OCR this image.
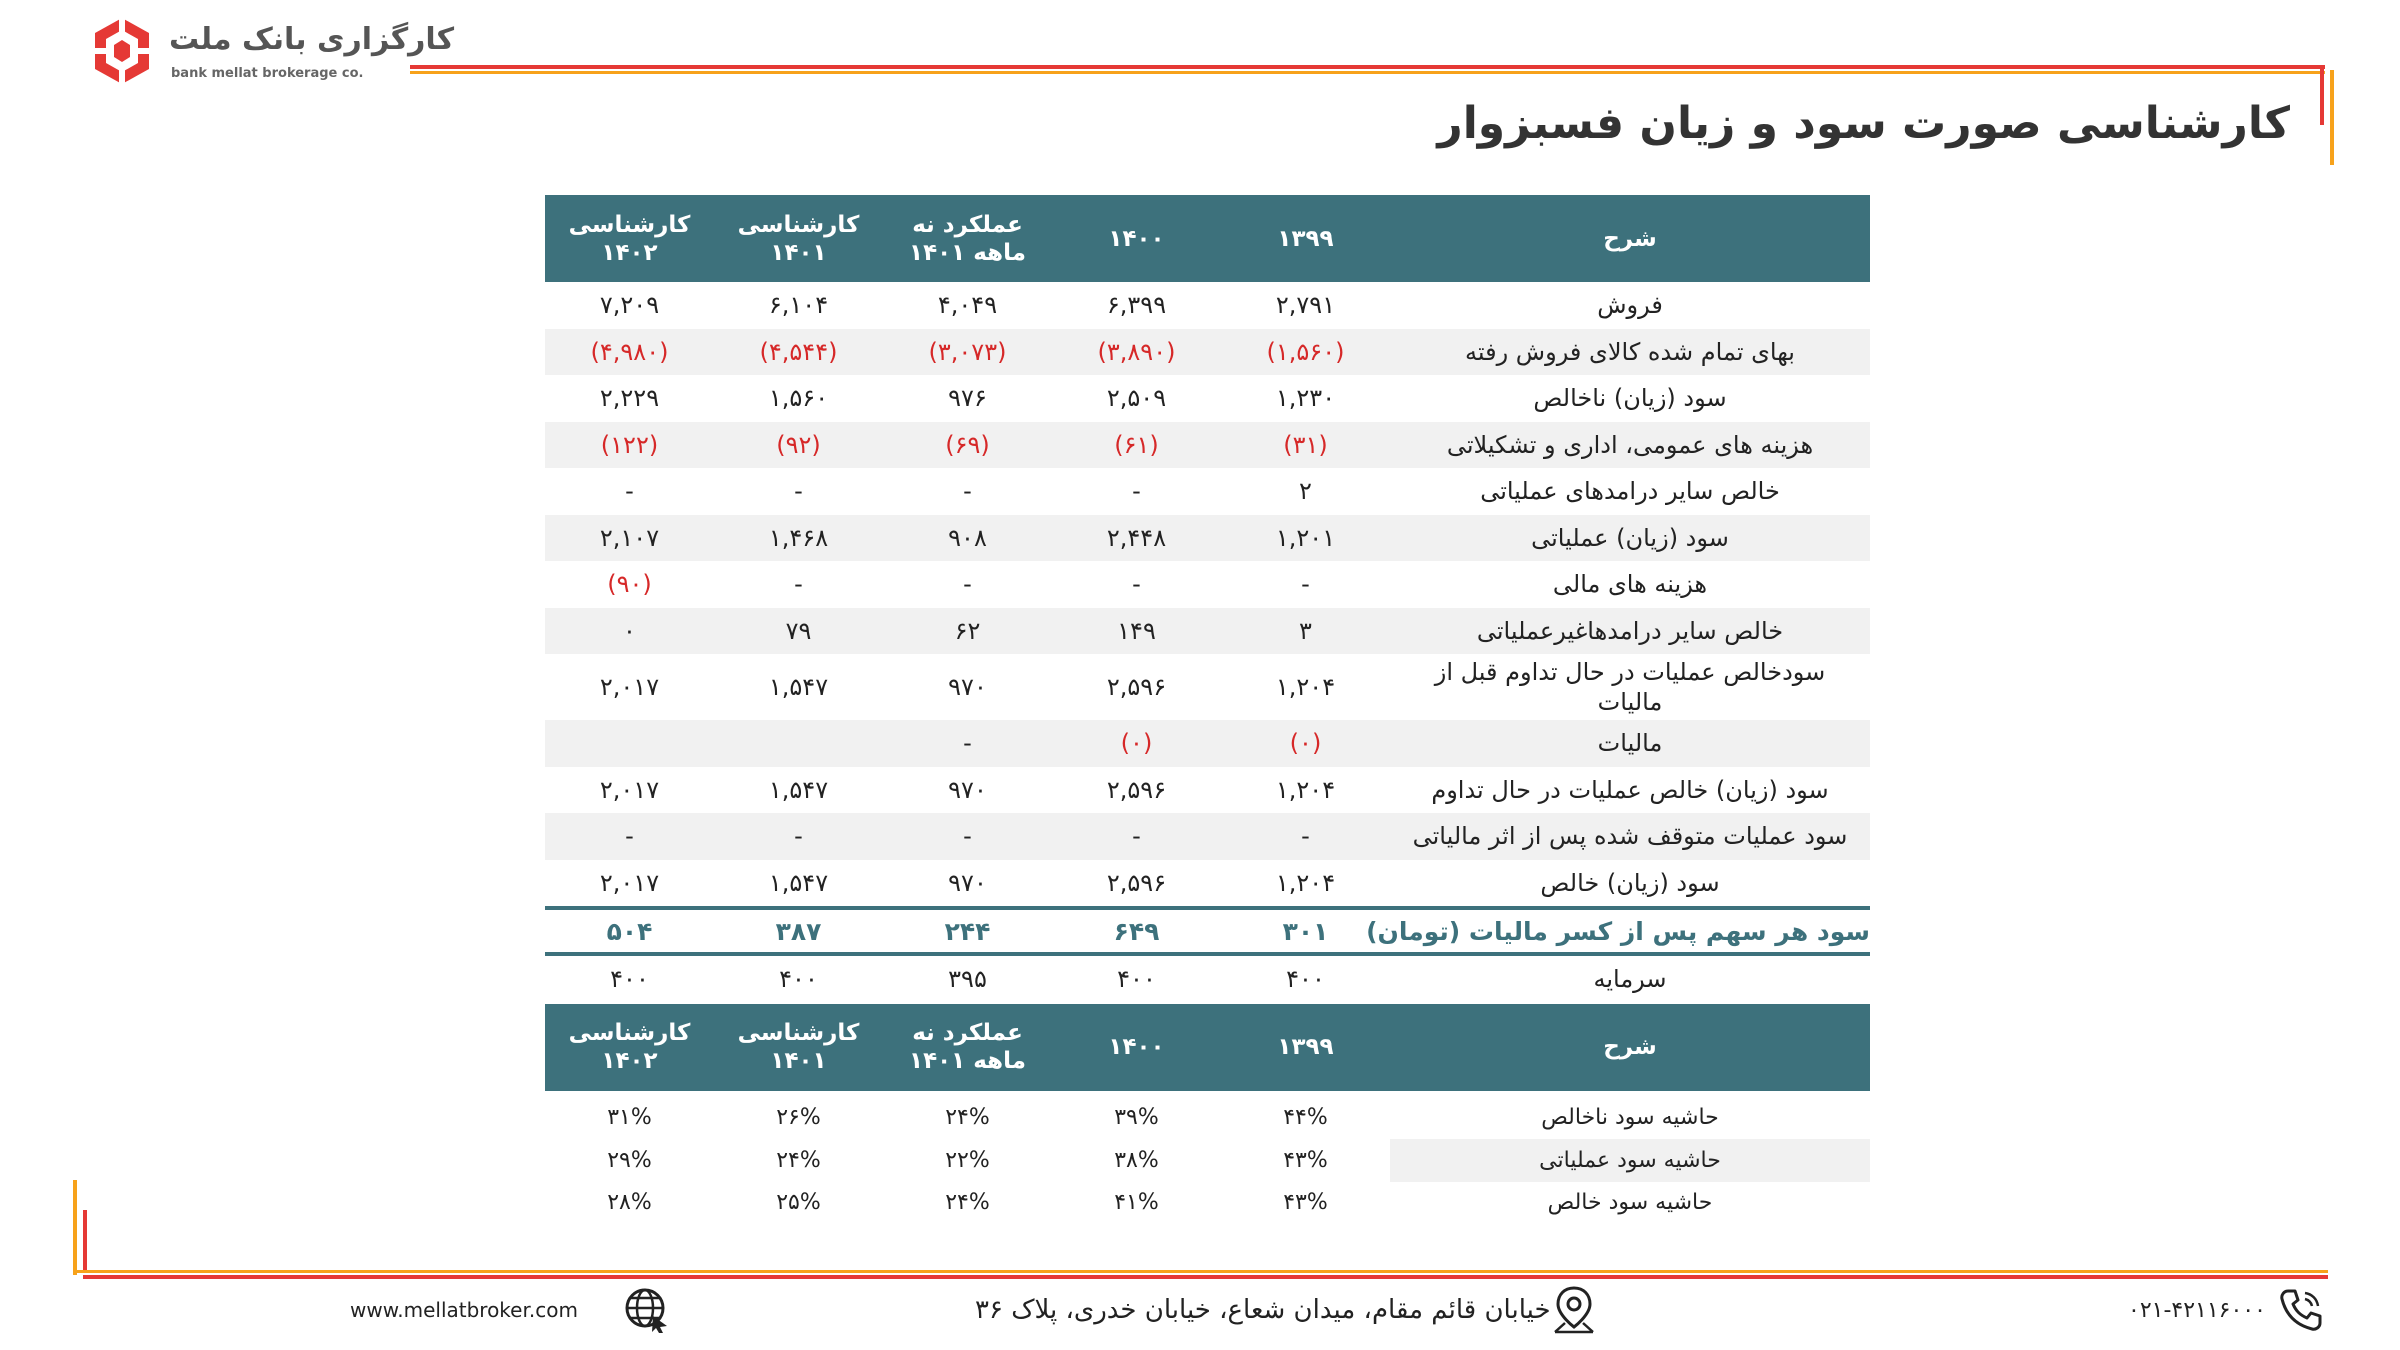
کارگزاری بانک ملت
bank mellat brokerage co.
کارشناسی صورت سود و زیان فسبزوار
شرح
۱۳۹۹
۱۴۰۰
عملکرد نه ماهه ۱۴۰۱
کارشناسی ۱۴۰۱
کارشناسی ۱۴۰۲
فروش
۲,۷۹۱
۶,۳۹۹
۴,۰۴۹
۶,۱۰۴
۷,۲۰۹
بهای تمام شده کالای فروش رفته
(۱,۵۶۰)
(۳,۸۹۰)
(۳,۰۷۳)
(۴,۵۴۴)
(۴,۹۸۰)
سود (زیان) ناخالص
۱,۲۳۰
۲,۵۰۹
۹۷۶
۱,۵۶۰
۲,۲۲۹
هزینه های عمومی، اداری و تشکیلاتی
(۳۱)
(۶۱)
(۶۹)
(۹۲)
(۱۲۲)
خالص سایر درامدهای عملیاتی
۲
-
-
-
-
سود (زیان) عملیاتی
۱,۲۰۱
۲,۴۴۸
۹۰۸
۱,۴۶۸
۲,۱۰۷
هزینه های مالی
-
-
-
-
(۹۰)
خالص سایر درامدهاغیرعملیاتی
۳
۱۴۹
۶۲
۷۹
۰
سودخالص عملیات در حال تداوم قبل از مالیات
۱,۲۰۴
۲,۵۹۶
۹۷۰
۱,۵۴۷
۲,۰۱۷
مالیات
(۰)
(۰)
-
سود (زیان) خالص عملیات در حال تداوم
۱,۲۰۴
۲,۵۹۶
۹۷۰
۱,۵۴۷
۲,۰۱۷
سود عملیات متوقف شده پس از اثر مالیاتی
-
-
-
-
-
سود (زیان) خالص
۱,۲۰۴
۲,۵۹۶
۹۷۰
۱,۵۴۷
۲,۰۱۷
سود هر سهم پس از کسر مالیات (تومان)
۳۰۱
۶۴۹
۲۴۴
۳۸۷
۵۰۴
سرمایه
۴۰۰
۴۰۰
۳۹۵
۴۰۰
۴۰۰
شرح
۱۳۹۹
۱۴۰۰
عملکرد نه ماهه ۱۴۰۱
کارشناسی ۱۴۰۱
کارشناسی ۱۴۰۲
حاشیه سود ناخالص
۴۴%
۳۹%
۲۴%
۲۶%
۳۱%
حاشیه سود عملیاتی
۴۳%
۳۸%
۲۲%
۲۴%
۲۹%
حاشیه سود خالص
۴۳%
۴۱%
۲۴%
۲۵%
۲۸%
www.mellatbroker.com	خیابان قائم مقام، میدان شعاع، خیابان خدری، پلاک ۳۶	۰۲۱-۴۲۱۱۶۰۰۰
